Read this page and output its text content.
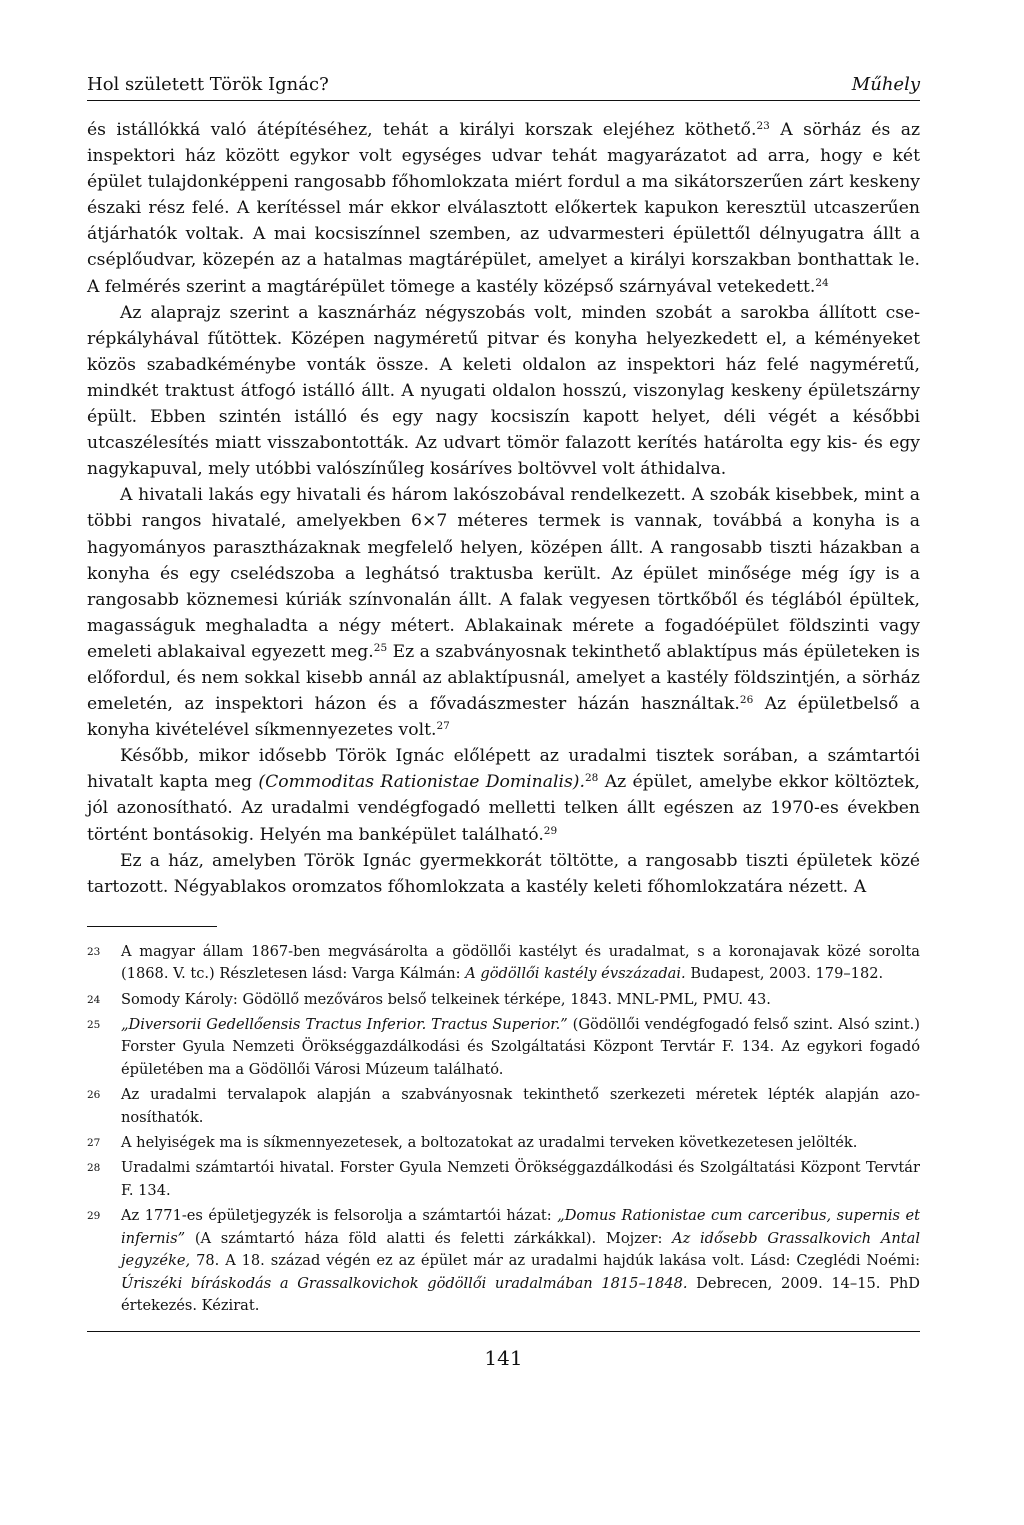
Hol született Török Ignác?	Műhely

és istállókká való átépítéséhez, tehát a királyi korszak elejéhez köthető.$^{23}$ A sörház és az inspektori ház között egykor volt egységes udvar tehát magyarázatot ad arra, hogy e két épület tulajdonképpeni rangosabb főhomlokzata miért fordul a ma sikátorszerűen zárt keskeny északi rész felé. A kerítéssel már ekkor elválasztott előkertek kapukon keresztül utcaszerűen átjárhatók voltak. A mai kocsiszínnel szemben, az udvarmesteri épülettől délnyugatra állt a cséplőudvar, közepén az a hatalmas magtárépület, amelyet a királyi korszakban bonthattak le. A felmérés szerint a magtárépület tömege a kastély középső szárnyával vetekedett.$^{24}$

Az alaprajz szerint a kasznárház négyszobás volt, minden szobát a sarokba állított cserépkályhával fűtöttek. Középen nagyméretű pitvar és konyha helyezkedett el, a kéményeket közös szabadkéménybe vonták össze. A keleti oldalon az inspektori ház felé nagyméretű, mindkét traktust átfogó istálló állt. A nyugati oldalon hosszú, viszonylag keskeny épületszárny épült. Ebben szintén istálló és egy nagy kocsiszín kapott helyet, déli végét a későbbi utcaszélesítés miatt visszabontották. Az udvart tömör falazott kerítés határolta egy kis- és egy nagykapuval, mely utóbbi valószínűleg kosáríves boltövvel volt áthidalva.

A hivatali lakás egy hivatali és három lakószobával rendelkezett. A szobák kisebbek, mint a többi rangos hivatalé, amelyekben 6×7 méteres termek is vannak, továbbá a konyha is a hagyományos parasztházaknak megfelelő helyen, középen állt. A rangosabb tiszti házakban a konyha és egy cselédszoba a leghátsó traktusba került. Az épület minősége még így is a rangosabb köznemesi kúriák színvonalán állt. A falak vegyesen törtkőből és téglából épültek, magasságuk meghaladta a négy métert. Ablakainak mérete a fogadóépület földszinti vagy emeleti ablakaival egyezett meg.$^{25}$ Ez a szabványosnak tekinthető ablaktípus más épületeken is előfordul, és nem sokkal kisebb annál az ablaktípusnál, amelyet a kastély földszintjén, a sörház emeletén, az inspektori házon és a fővadászmester házán használtak.$^{26}$ Az épületbelső a konyha kivételével síkmennyezetes volt.$^{27}$

Később, mikor idősebb Török Ignác előlépett az uradalmi tisztek sorában, a számtartói hivatalt kapta meg (Commoditas Rationistae Dominalis).$^{28}$ Az épület, amelybe ekkor költöztek, jól azonosítható. Az uradalmi vendégfogadó melletti telken állt egészen az 1970-es években történt bontásokig. Helyén ma banképület található.$^{29}$

Ez a ház, amelyben Török Ignác gyermekkorát töltötte, a rangosabb tiszti épületek közé tartozott. Négyablakos oromzatos főhomlokzata a kastély keleti főhomlokzatára nézett. A

23	A magyar állam 1867-ben megvásárolta a gödöllői kastélyt és uradalmat, s a koronajavak közé sorolta (1868. V. tc.) Részletesen lásd: Varga Kálmán: A gödöllői kastély évszázadai. Budapest, 2003. 179–182.
24	Somody Károly: Gödöllő mezőváros belső telkeinek térképe, 1843. MNL-PML, PMU. 43.
25	„Diversorii Gedellőensis Tractus Inferior. Tractus Superior.” (Gödöllői vendégfogadó felső szint. Alsó szint.) Forster Gyula Nemzeti Örökséggazdálkodási és Szolgáltatási Központ Tervtár F. 134. Az egykori fogadó épületében ma a Gödöllői Városi Múzeum található.
26	Az uradalmi tervalapok alapján a szabványosnak tekinthető szerkezeti méretek lépték alapján azonosíthatók.
27	A helyiségek ma is síkmennyezetesek, a boltozatokat az uradalmi terveken következetesen jelölték.
28	Uradalmi számtartói hivatal. Forster Gyula Nemzeti Örökséggazdálkodási és Szolgáltatási Központ Tervtár F. 134.
29	Az 1771-es épületjegyzék is felsorolja a számtartói házat: „Domus Rationistae cum carceribus, supernis et infernis” (A számtartó háza föld alatti és feletti zárkákkal). Mojzer: Az idősebb Grassalkovich Antal jegyzéke, 78. A 18. század végén ez az épület már az uradalmi hajdúk lakása volt. Lásd: Czeglédi Noémi: Úriszéki bíráskodás a Grassalkovichok gödöllői uradalmában 1815–1848. Debrecen, 2009. 14–15. PhD értekezés. Kézirat.
141
